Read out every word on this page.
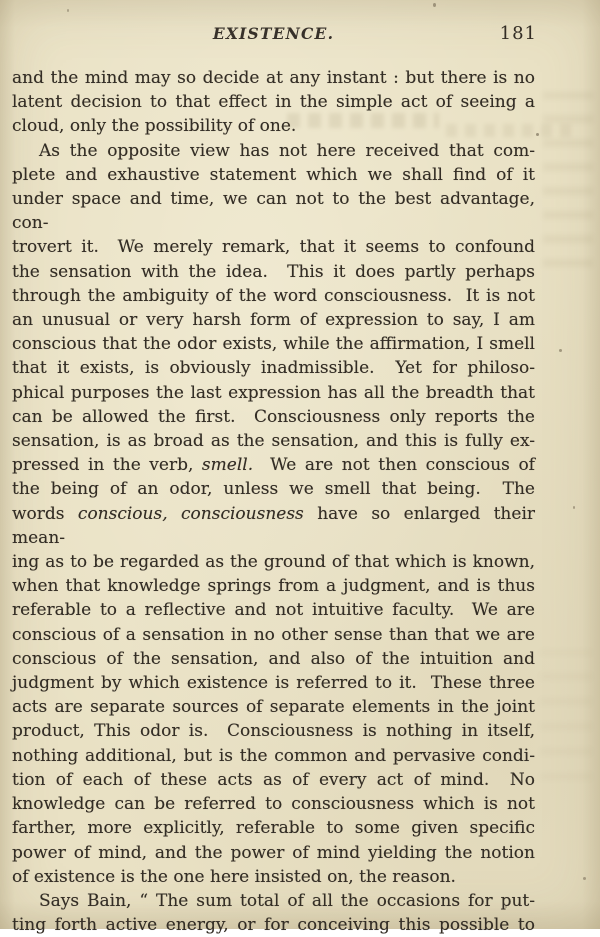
EXISTENCE.	181
and the mind may so decide at any instant : but there is no
latent decision to that effect in the simple act of seeing a
cloud, only the possibility of one.
As the opposite view has not here received that com-
plete and exhaustive statement which we shall find of it
under space and time, we can not to the best advantage, con-
trovert it.  We merely remark, that it seems to confound
the sensation with the idea.  This it does partly perhaps
through the ambiguity of the word consciousness.  It is not
an unusual or very harsh form of expression to say, I am
conscious that the odor exists, while the affirmation, I smell
that it exists, is obviously inadmissible.  Yet for philoso-
phical purposes the last expression has all the breadth that
can be allowed the first.  Consciousness only reports the
sensation, is as broad as the sensation, and this is fully ex-
pressed in the verb, smell.  We are not then conscious of
the being of an odor, unless we smell that being.  The
words conscious, consciousness have so enlarged their mean-
ing as to be regarded as the ground of that which is known,
when that knowledge springs from a judgment, and is thus
referable to a reflective and not intuitive faculty.  We are
conscious of a sensation in no other sense than that we are
conscious of the sensation, and also of the intuition and
judgment by which existence is referred to it.  These three
acts are separate sources of separate elements in the joint
product, This odor is.  Consciousness is nothing in itself,
nothing additional, but is the common and pervasive condi-
tion of each of these acts as of every act of mind.  No
knowledge can be referred to consciousness which is not
farther, more explicitly, referable to some given specific
power of mind, and the power of mind yielding the notion
of existence is the one here insisted on, the reason.
Says Bain, “ The sum total of all the occasions for put-
ting forth active energy, or for conceiving this possible to
